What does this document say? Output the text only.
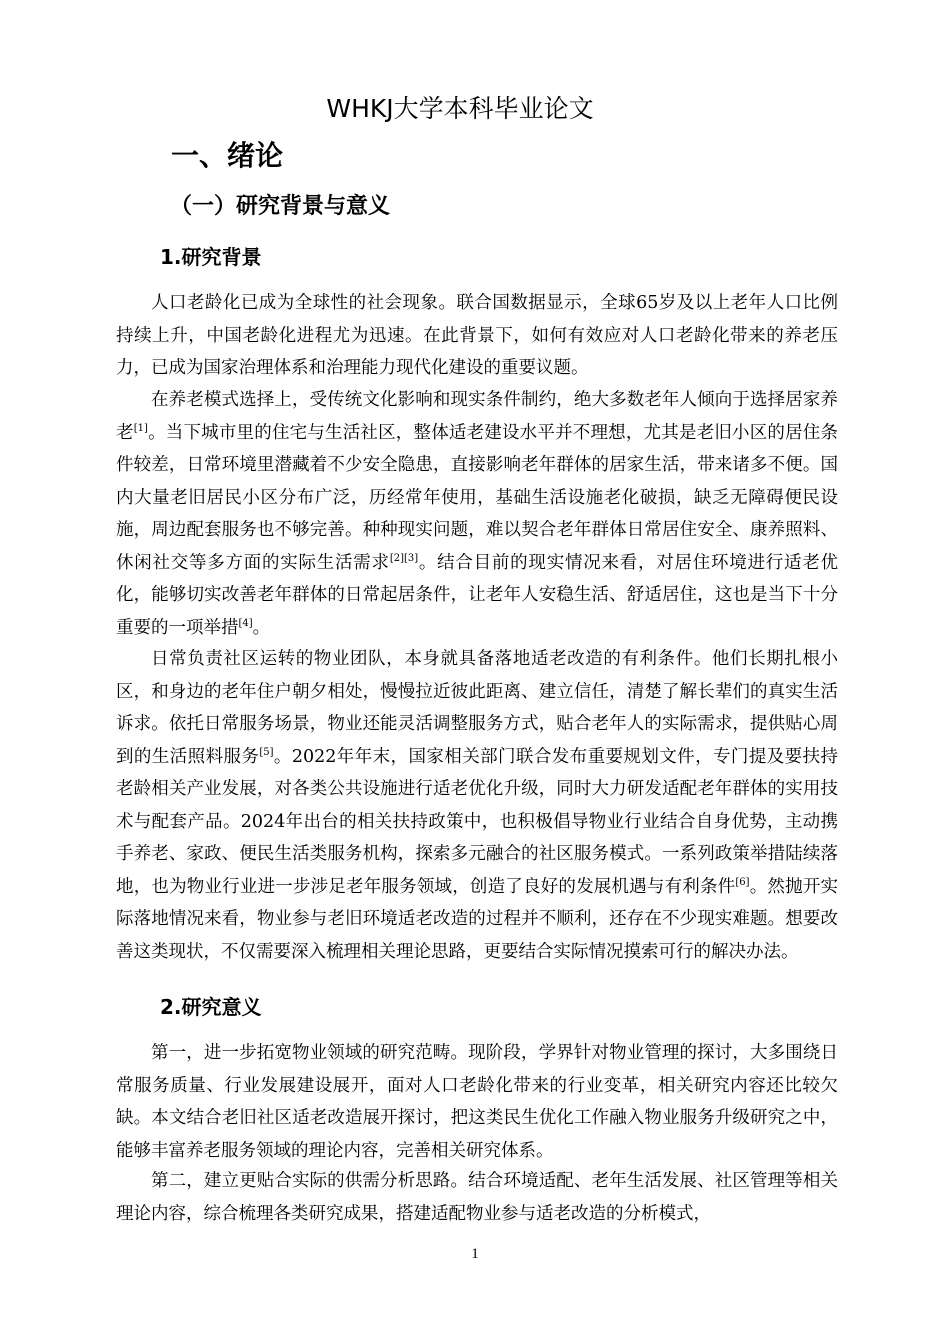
WHKJ大学本科毕业论文
一、绪论
（一）研究背景与意义
1.研究背景

人口老龄化已成为全球性的社会现象。联合国数据显示，全球65岁及以上老年人口比例持续上升，中国老龄化进程尤为迅速。在此背景下，如何有效应对人口老龄化带来的养老压力，已成为国家治理体系和治理能力现代化建设的重要议题。

在养老模式选择上，受传统文化影响和现实条件制约，绝大多数老年人倾向于选择居家养老[1]。当下城市里的住宅与生活社区，整体适老建设水平并不理想，尤其是老旧小区的居住条件较差，日常环境里潜藏着不少安全隐患，直接影响老年群体的居家生活，带来诸多不便。国内大量老旧居民小区分布广泛，历经常年使用，基础生活设施老化破损，缺乏无障碍便民设施，周边配套服务也不够完善。种种现实问题，难以契合老年群体日常居住安全、康养照料、休闲社交等多方面的实际生活需求[2][3]。结合目前的现实情况来看，对居住环境进行适老优化，能够切实改善老年群体的日常起居条件，让老年人安稳生活、舒适居住，这也是当下十分重要的一项举措[4]。

日常负责社区运转的物业团队，本身就具备落地适老改造的有利条件。他们长期扎根小区，和身边的老年住户朝夕相处，慢慢拉近彼此距离、建立信任，清楚了解长辈们的真实生活诉求。依托日常服务场景，物业还能灵活调整服务方式，贴合老年人的实际需求，提供贴心周到的生活照料服务[5]。2022年年末，国家相关部门联合发布重要规划文件，专门提及要扶持老龄相关产业发展，对各类公共设施进行适老优化升级，同时大力研发适配老年群体的实用技术与配套产品。2024年出台的相关扶持政策中，也积极倡导物业行业结合自身优势，主动携手养老、家政、便民生活类服务机构，探索多元融合的社区服务模式。一系列政策举措陆续落地，也为物业行业进一步涉足老年服务领域，创造了良好的发展机遇与有利条件[6]。然抛开实际落地情况来看，物业参与老旧环境适老改造的过程并不顺利，还存在不少现实难题。想要改善这类现状，不仅需要深入梳理相关理论思路，更要结合实际情况摸索可行的解决办法。

2.研究意义

第一，进一步拓宽物业领域的研究范畴。现阶段，学界针对物业管理的探讨，大多围绕日常服务质量、行业发展建设展开，面对人口老龄化带来的行业变革，相关研究内容还比较欠缺。本文结合老旧社区适老改造展开探讨，把这类民生优化工作融入物业服务升级研究之中，能够丰富养老服务领域的理论内容，完善相关研究体系。

第二，建立更贴合实际的供需分析思路。结合环境适配、老年生活发展、社区管理等相关理论内容，综合梳理各类研究成果，搭建适配物业参与适老改造的分析模式，

1
